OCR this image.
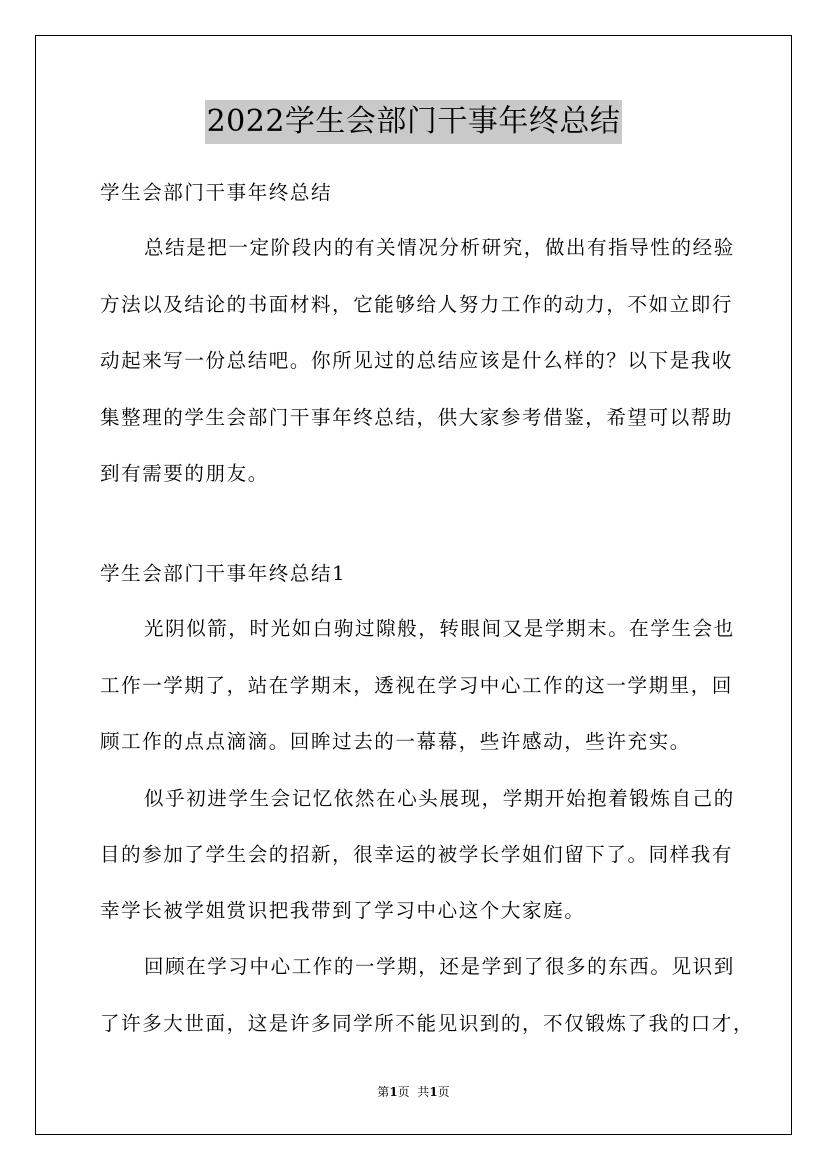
2022学生会部门干事年终总结
学生会部门干事年终总结
总结是把一定阶段内的有关情况分析研究，做出有指导性的经验
方法以及结论的书面材料，它能够给人努力工作的动力，不如立即行
动起来写一份总结吧。你所见过的总结应该是什么样的？以下是我收
集整理的学生会部门干事年终总结，供大家参考借鉴，希望可以帮助
到有需要的朋友。
学生会部门干事年终总结1
光阴似箭，时光如白驹过隙般，转眼间又是学期末。在学生会也
工作一学期了，站在学期末，透视在学习中心工作的这一学期里，回
顾工作的点点滴滴。回眸过去的一幕幕，些许感动，些许充实。
似乎初进学生会记忆依然在心头展现，学期开始抱着锻炼自己的
目的参加了学生会的招新，很幸运的被学长学姐们留下了。同样我有
幸学长被学姐赏识把我带到了学习中心这个大家庭。
回顾在学习中心工作的一学期，还是学到了很多的东西。见识到
了许多大世面，这是许多同学所不能见识到的，不仅锻炼了我的口才，
第1页  共1页
